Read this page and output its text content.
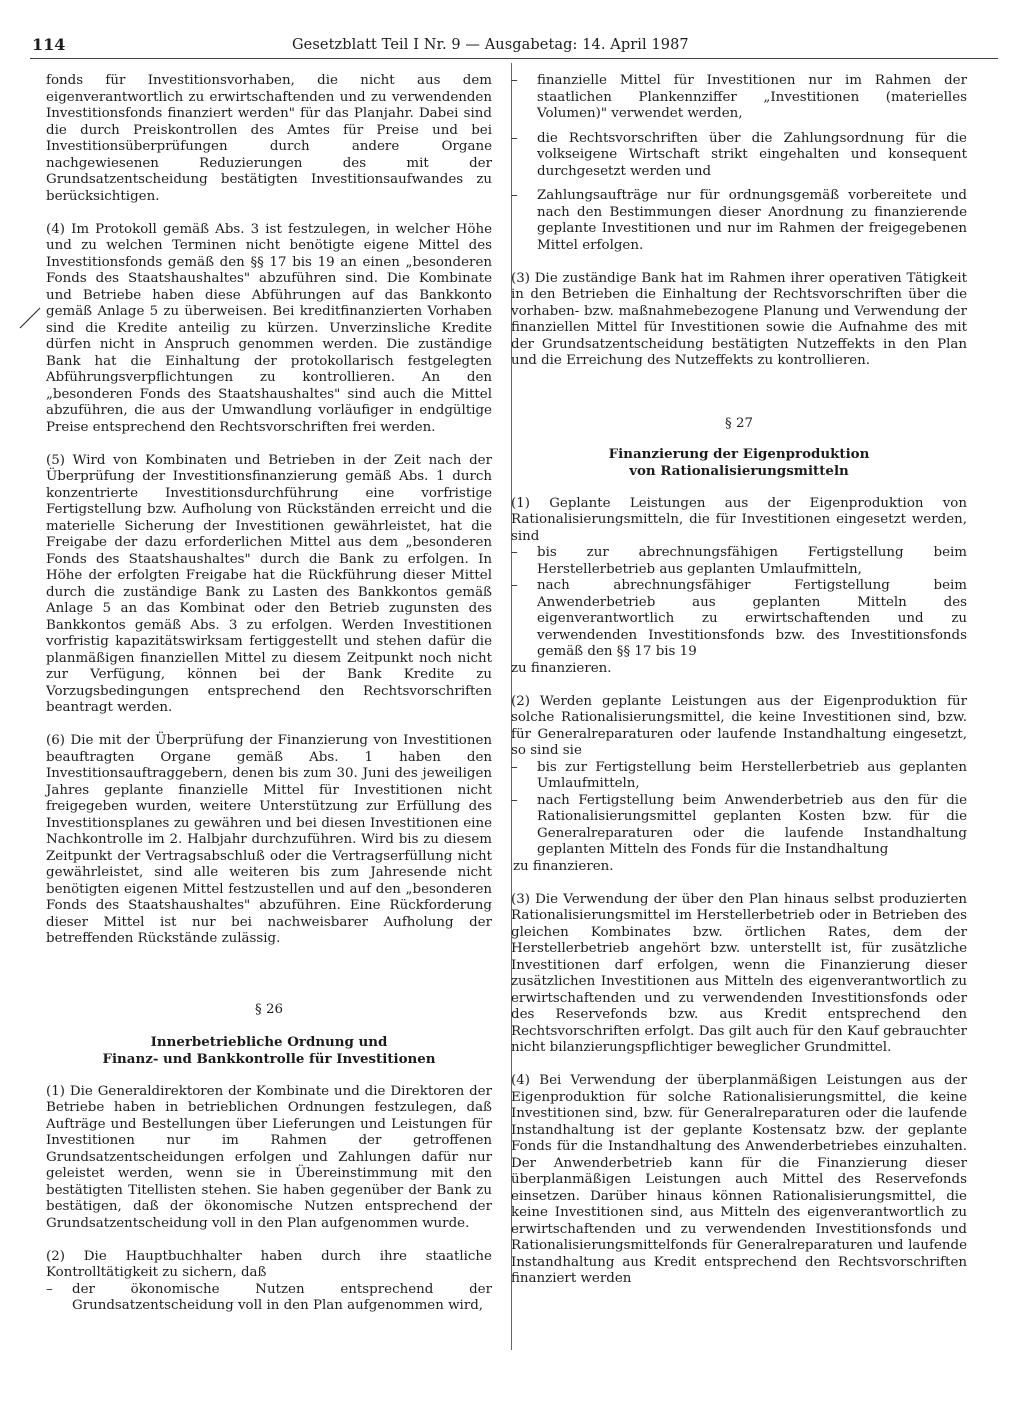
114	Gesetzblatt Teil I Nr. 9 — Ausgabetag: 14. April 1987

fonds für Investitionsvorhaben, die nicht aus dem eigenverantwortlich zu erwirtschaftenden und zu verwendenden Investitionsfonds finanziert werden" für das Planjahr. Dabei sind die durch Preiskontrollen des Amtes für Preise und bei Investitionsüberprüfungen durch andere Organe nachgewiesenen Reduzierungen des mit der Grundsatzentscheidung bestätigten Investitionsaufwandes zu berücksichtigen.

(4) Im Protokoll gemäß Abs. 3 ist festzulegen, in welcher Höhe und zu welchen Terminen nicht benötigte eigene Mittel des Investitionsfonds gemäß den §§ 17 bis 19 an einen „besonderen Fonds des Staatshaushaltes" abzuführen sind. Die Kombinate und Betriebe haben diese Abführungen auf das Bankkonto gemäß Anlage 5 zu überweisen. Bei kreditfinanzierten Vorhaben sind die Kredite anteilig zu kürzen. Unverzinsliche Kredite dürfen nicht in Anspruch genommen werden. Die zuständige Bank hat die Einhaltung der protokollarisch festgelegten Abführungsverpflichtungen zu kontrollieren. An den „besonderen Fonds des Staatshaushaltes" sind auch die Mittel abzuführen, die aus der Umwandlung vorläufiger in endgültige Preise entsprechend den Rechtsvorschriften frei werden.

(5) Wird von Kombinaten und Betrieben in der Zeit nach der Überprüfung der Investitionsfinanzierung gemäß Abs. 1 durch konzentrierte Investitionsdurchführung eine vorfristige Fertigstellung bzw. Aufholung von Rückständen erreicht und die materielle Sicherung der Investitionen gewährleistet, hat die Freigabe der dazu erforderlichen Mittel aus dem „besonderen Fonds des Staatshaushaltes" durch die Bank zu erfolgen. In Höhe der erfolgten Freigabe hat die Rückführung dieser Mittel durch die zuständige Bank zu Lasten des Bankkontos gemäß Anlage 5 an das Kombinat oder den Betrieb zugunsten des Bankkontos gemäß Abs. 3 zu erfolgen. Werden Investitionen vorfristig kapazitätswirksam fertiggestellt und stehen dafür die planmäßigen finanziellen Mittel zu diesem Zeitpunkt noch nicht zur Verfügung, können bei der Bank Kredite zu Vorzugsbedingungen entsprechend den Rechtsvorschriften beantragt werden.

(6) Die mit der Überprüfung der Finanzierung von Investitionen beauftragten Organe gemäß Abs. 1 haben den Investitionsauftraggebern, denen bis zum 30. Juni des jeweiligen Jahres geplante finanzielle Mittel für Investitionen nicht freigegeben wurden, weitere Unterstützung zur Erfüllung des Investitionsplanes zu gewähren und bei diesen Investitionen eine Nachkontrolle im 2. Halbjahr durchzuführen. Wird bis zu diesem Zeitpunkt der Vertragsabschluß oder die Vertragserfüllung nicht gewährleistet, sind alle weiteren bis zum Jahresende nicht benötigten eigenen Mittel festzustellen und auf den „besonderen Fonds des Staatshaushaltes" abzuführen. Eine Rückforderung dieser Mittel ist nur bei nachweisbarer Aufholung der betreffenden Rückstände zulässig.

§ 26

Innerbetriebliche Ordnung und

Finanz- und Bankkontrolle für Investitionen

(1) Die Generaldirektoren der Kombinate und die Direktoren der Betriebe haben in betrieblichen Ordnungen festzulegen, daß Aufträge und Bestellungen über Lieferungen und Leistungen für Investitionen nur im Rahmen der getroffenen Grundsatzentscheidungen erfolgen und Zahlungen dafür nur geleistet werden, wenn sie in Übereinstimmung mit den bestätigten Titellisten stehen. Sie haben gegenüber der Bank zu bestätigen, daß der ökonomische Nutzen entsprechend der Grundsatzentscheidung voll in den Plan aufgenommen wurde.

(2) Die Hauptbuchhalter haben durch ihre staatliche Kontrolltätigkeit zu sichern, daß

– der ökonomische Nutzen entsprechend der Grundsatzentscheidung voll in den Plan aufgenommen wird,

– finanzielle Mittel für Investitionen nur im Rahmen der staatlichen Plankennziffer „Investitionen (materielles Volumen)" verwendet werden,

– die Rechtsvorschriften über die Zahlungsordnung für die volkseigene Wirtschaft strikt eingehalten und konsequent durchgesetzt werden und

– Zahlungsaufträge nur für ordnungsgemäß vorbereitete und nach den Bestimmungen dieser Anordnung zu finanzierende geplante Investitionen und nur im Rahmen der freigegebenen Mittel erfolgen.

(3) Die zuständige Bank hat im Rahmen ihrer operativen Tätigkeit in den Betrieben die Einhaltung der Rechtsvorschriften über die vorhaben- bzw. maßnahmebezogene Planung und Verwendung der finanziellen Mittel für Investitionen sowie die Aufnahme des mit der Grundsatzentscheidung bestätigten Nutzeffekts in den Plan und die Erreichung des Nutzeffekts zu kontrollieren.

§ 27

Finanzierung der Eigenproduktion

von Rationalisierungsmitteln

(1) Geplante Leistungen aus der Eigenproduktion von Rationalisierungsmitteln, die für Investitionen eingesetzt werden, sind

– bis zur abrechnungsfähigen Fertigstellung beim Herstellerbetrieb aus geplanten Umlaufmitteln,

– nach abrechnungsfähiger Fertigstellung beim Anwenderbetrieb aus geplanten Mitteln des eigenverantwortlich zu erwirtschaftenden und zu verwendenden Investitionsfonds bzw. des Investitionsfonds gemäß den §§ 17 bis 19

zu finanzieren.

(2) Werden geplante Leistungen aus der Eigenproduktion für solche Rationalisierungsmittel, die keine Investitionen sind, bzw. für Generalreparaturen oder laufende Instandhaltung eingesetzt, so sind sie

– bis zur Fertigstellung beim Herstellerbetrieb aus geplanten Umlaufmitteln,

– nach Fertigstellung beim Anwenderbetrieb aus den für die Rationalisierungsmittel geplanten Kosten bzw. für die Generalreparaturen oder die laufende Instandhaltung geplanten Mitteln des Fonds für die Instandhaltung

zu finanzieren.

(3) Die Verwendung der über den Plan hinaus selbst produzierten Rationalisierungsmittel im Herstellerbetrieb oder in Betrieben des gleichen Kombinates bzw. örtlichen Rates, dem der Herstellerbetrieb angehört bzw. unterstellt ist, für zusätzliche Investitionen darf erfolgen, wenn die Finanzierung dieser zusätzlichen Investitionen aus Mitteln des eigenverantwortlich zu erwirtschaftenden und zu verwendenden Investitionsfonds oder des Reservefonds bzw. aus Kredit entsprechend den Rechtsvorschriften erfolgt. Das gilt auch für den Kauf gebrauchter nicht bilanzierungspflichtiger beweglicher Grundmittel.

(4) Bei Verwendung der überplanmäßigen Leistungen aus der Eigenproduktion für solche Rationalisierungsmittel, die keine Investitionen sind, bzw. für Generalreparaturen oder die laufende Instandhaltung ist der geplante Kostensatz bzw. der geplante Fonds für die Instandhaltung des Anwenderbetriebes einzuhalten. Der Anwenderbetrieb kann für die Finanzierung dieser überplanmäßigen Leistungen auch Mittel des Reservefonds einsetzen. Darüber hinaus können Rationalisierungsmittel, die keine Investitionen sind, aus Mitteln des eigenverantwortlich zu erwirtschaftenden und zu verwendenden Investitionsfonds und Rationalisierungsmittelfonds für Generalreparaturen und laufende Instandhaltung aus Kredit entsprechend den Rechtsvorschriften finanziert werden
